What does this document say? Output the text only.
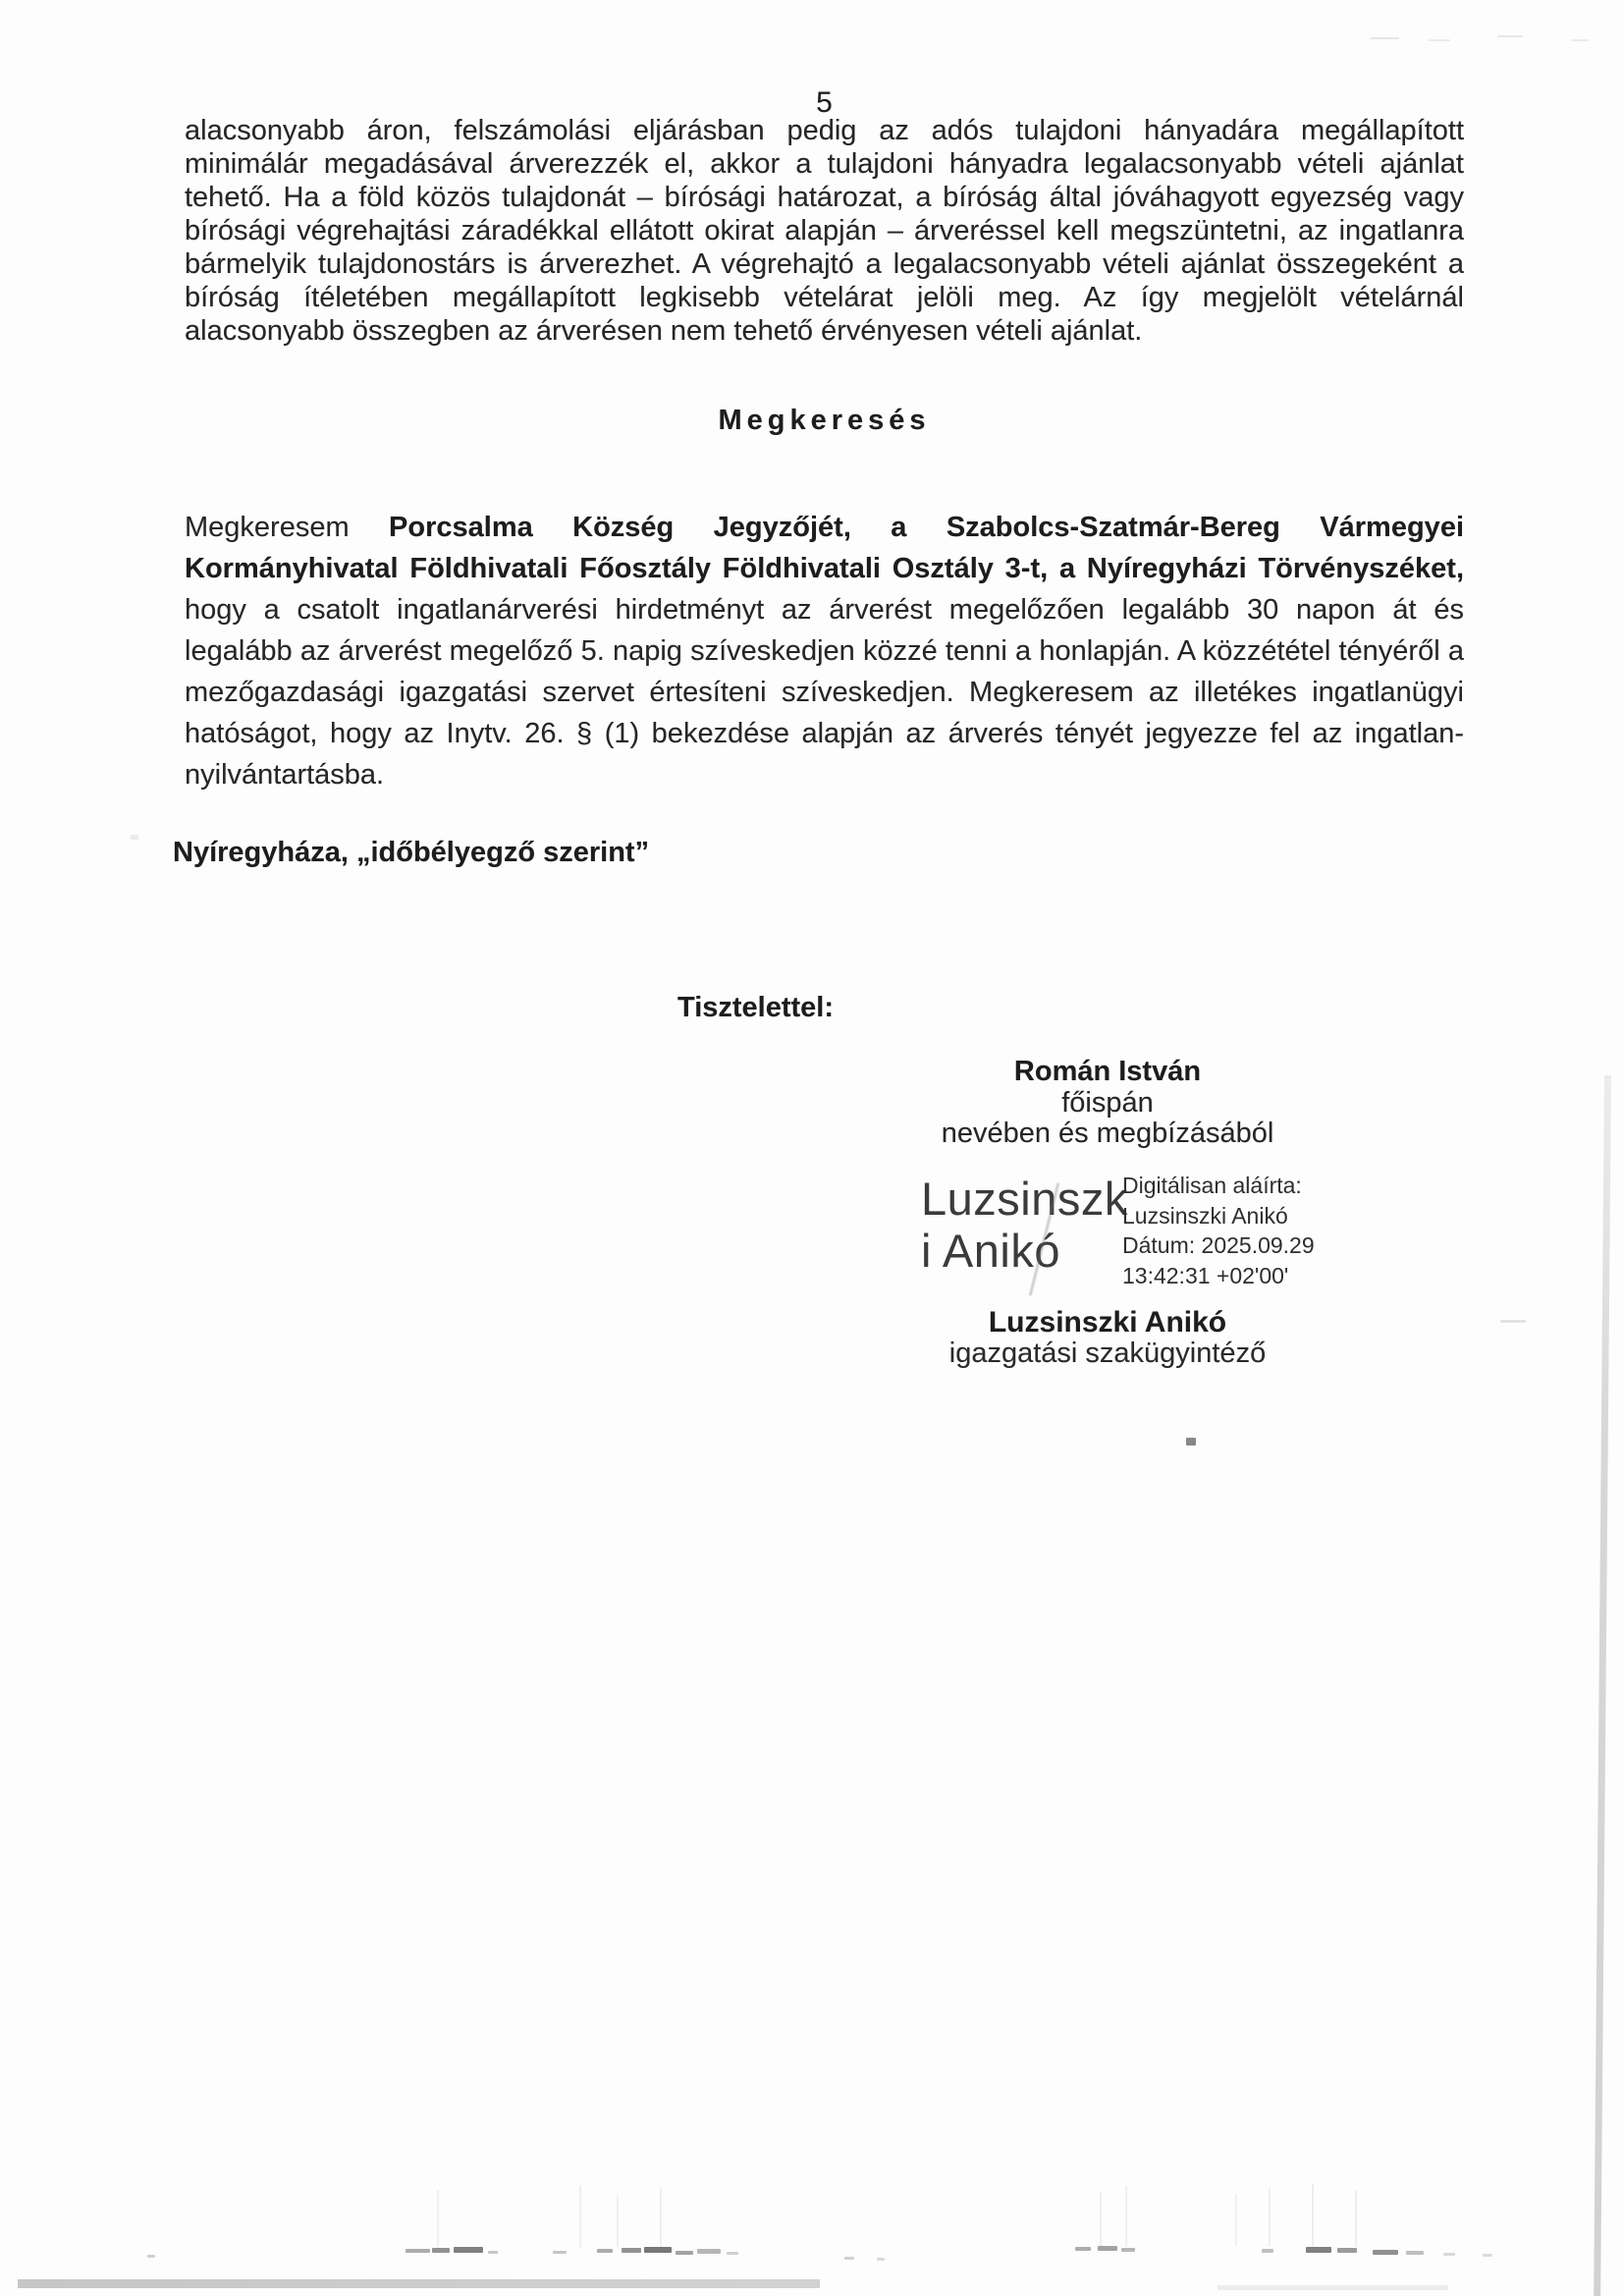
5
alacsonyabb áron, felszámolási eljárásban pedig az adós tulajdoni hányadára megállapított minimálár megadásával árverezzék el, akkor a tulajdoni hányadra legalacsonyabb vételi ajánlat tehető. Ha a föld közös tulajdonát – bírósági határozat, a bíróság által jóváhagyott egyezség vagy bírósági végrehajtási záradékkal ellátott okirat alapján – árveréssel kell megszüntetni, az ingatlanra bármelyik tulajdonostárs is árverezhet. A végrehajtó a legalacsonyabb vételi ajánlat összegeként a bíróság ítéletében megállapított legkisebb vételárat jelöli meg. Az így megjelölt vételárnál alacsonyabb összegben az árverésen nem tehető érvényesen vételi ajánlat.
Megkeresés
Megkeresem Porcsalma Község Jegyzőjét, a Szabolcs-Szatmár-Bereg Vármegyei Kormányhivatal Földhivatali Főosztály Földhivatali Osztály 3-t, a Nyíregyházi Törvényszéket, hogy a csatolt ingatlanárverési hirdetményt az árverést megelőzően legalább 30 napon át és legalább az árverést megelőző 5. napig szíveskedjen közzé tenni a honlapján. A közzététel tényéről a mezőgazdasági igazgatási szervet értesíteni szíveskedjen. Megkeresem az illetékes ingatlanügyi hatóságot, hogy az Inytv. 26. § (1) bekezdése alapján az árverés tényét jegyezze fel az ingatlan-nyilvántartásba.
Nyíregyháza, „időbélyegző szerint”
Tisztelettel:
Román István
főispán
nevében és megbízásából
Luzsinszk
i Anikó
Digitálisan aláírta:
Luzsinszki Anikó
Dátum: 2025.09.29
13:42:31 +02'00'
Luzsinszki Anikó
igazgatási szakügyintéző
